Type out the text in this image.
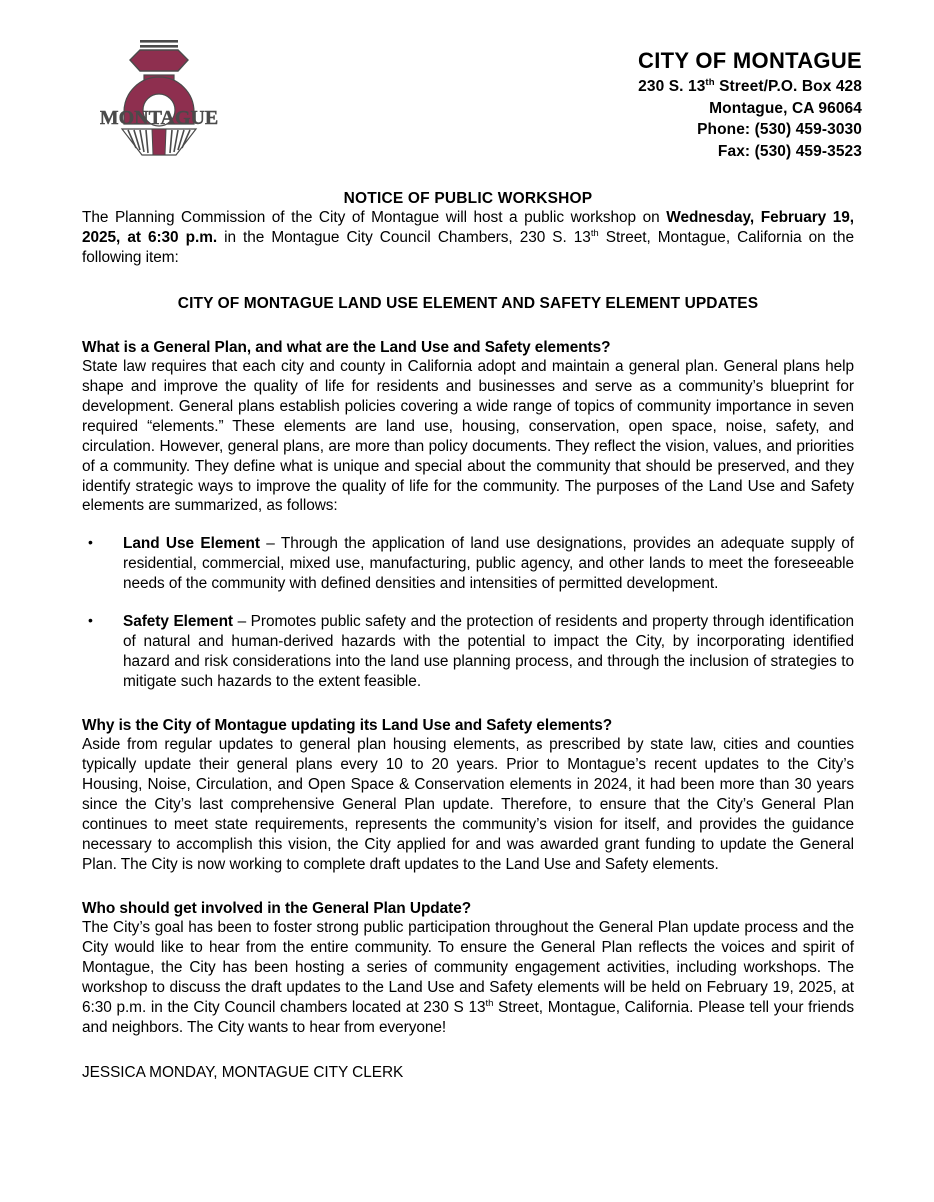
MONTAGUE
CITY OF MONTAGUE
230 S. 13th Street/P.O. Box 428
Montague, CA 96064
Phone: (530) 459-3030
Fax: (530) 459-3523
NOTICE OF PUBLIC WORKSHOP

The Planning Commission of the City of Montague will host a public workshop on Wednesday, February 19, 2025, at 6:30 p.m. in the Montague City Council Chambers, 230 S. 13th Street, Montague, California on the following item:

CITY OF MONTAGUE LAND USE ELEMENT AND SAFETY ELEMENT UPDATES
What is a General Plan, and what are the Land Use and Safety elements?

State law requires that each city and county in California adopt and maintain a general plan. General plans help shape and improve the quality of life for residents and businesses and serve as a community’s blueprint for development. General plans establish policies covering a wide range of topics of community importance in seven required “elements.” These elements are land use, housing, conservation, open space, noise, safety, and circulation. However, general plans, are more than policy documents. They reflect the vision, values, and priorities of a community. They define what is unique and special about the community that should be preserved, and they identify strategic ways to improve the quality of life for the community. The purposes of the Land Use and Safety elements are summarized, as follows:

• Land Use Element – Through the application of land use designations, provides an adequate supply of residential, commercial, mixed use, manufacturing, public agency, and other lands to meet the foreseeable needs of the community with defined densities and intensities of permitted development.
• Safety Element – Promotes public safety and the protection of residents and property through identification of natural and human-derived hazards with the potential to impact the City, by incorporating identified hazard and risk considerations into the land use planning process, and through the inclusion of strategies to mitigate such hazards to the extent feasible.
Why is the City of Montague updating its Land Use and Safety elements?

Aside from regular updates to general plan housing elements, as prescribed by state law, cities and counties typically update their general plans every 10 to 20 years. Prior to Montague’s recent updates to the City’s Housing, Noise, Circulation, and Open Space & Conservation elements in 2024, it had been more than 30 years since the City’s last comprehensive General Plan update. Therefore, to ensure that the City’s General Plan continues to meet state requirements, represents the community’s vision for itself, and provides the guidance necessary to accomplish this vision, the City applied for and was awarded grant funding to update the General Plan. The City is now working to complete draft updates to the Land Use and Safety elements.

Who should get involved in the General Plan Update?

The City’s goal has been to foster strong public participation throughout the General Plan update process and the City would like to hear from the entire community. To ensure the General Plan reflects the voices and spirit of Montague, the City has been hosting a series of community engagement activities, including workshops. The workshop to discuss the draft updates to the Land Use and Safety elements will be held on February 19, 2025, at 6:30 p.m. in the City Council chambers located at 230 S 13th Street, Montague, California. Please tell your friends and neighbors. The City wants to hear from everyone!

JESSICA MONDAY, MONTAGUE CITY CLERK
